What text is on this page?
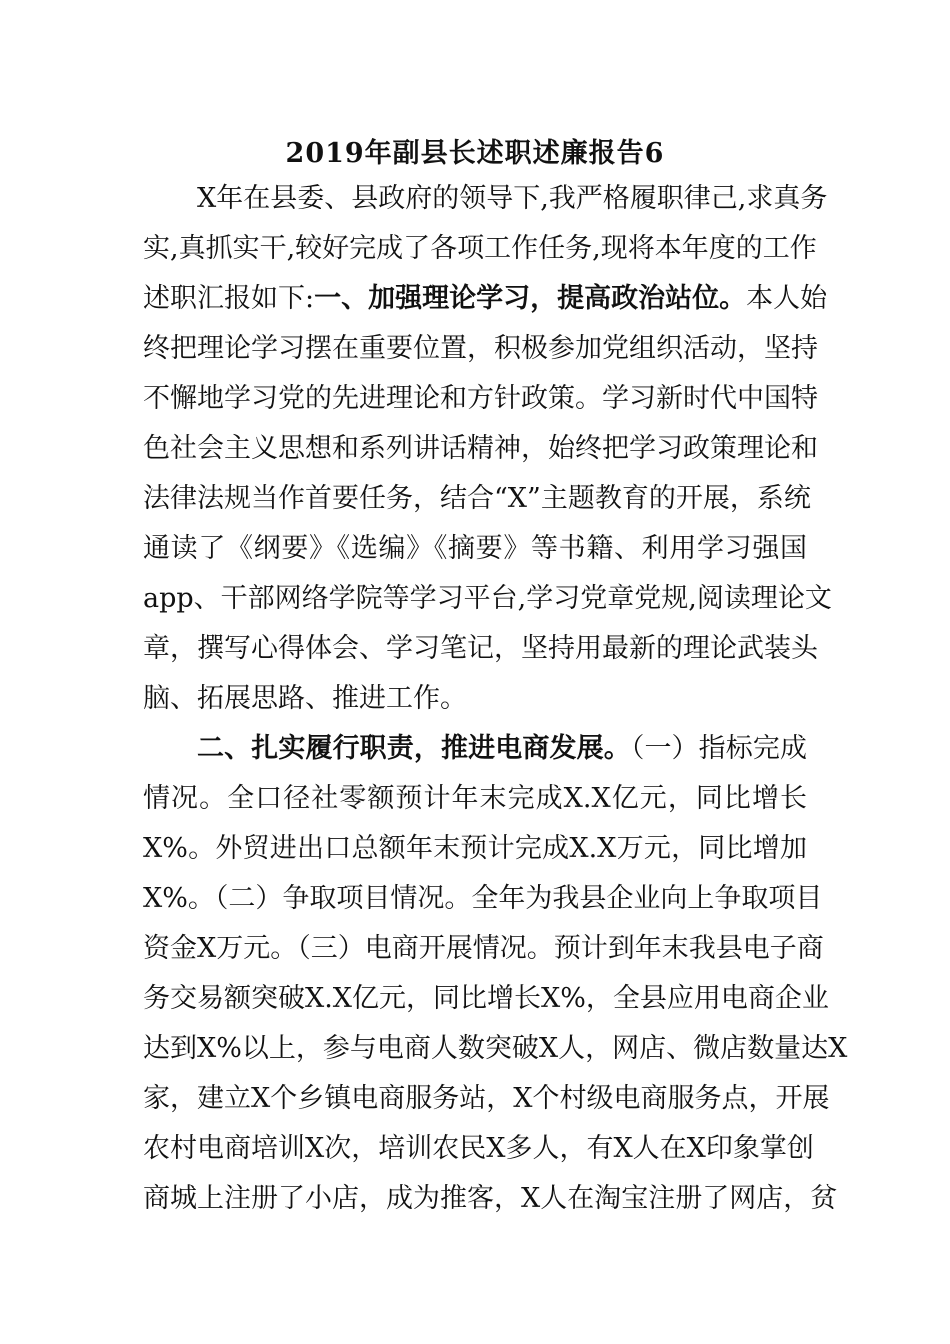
2019年副县长述职述廉报告6
X年在县委、县政府的领导下,我严格履职律己,求真务
实,真抓实干,较好完成了各项工作任务,现将本年度的工作
述职汇报如下:一、加强理论学习，提高政治站位。本人始
终把理论学习摆在重要位置，积极参加党组织活动，坚持
不懈地学习党的先进理论和方针政策。学习新时代中国特
色社会主义思想和系列讲话精神，始终把学习政策理论和
法律法规当作首要任务，结合“X”主题教育的开展，系统
通读了《纲要》《选编》《摘要》等书籍、利用学习强国
app、干部网络学院等学习平台,学习党章党规,阅读理论文
章，撰写心得体会、学习笔记，坚持用最新的理论武装头
脑、拓展思路、推进工作。
二、扎实履行职责，推进电商发展。（一）指标完成
情况。全口径社零额预计年末完成X.X亿元，同比增长
X%。外贸进出口总额年末预计完成X.X万元，同比增加
X%。（二）争取项目情况。全年为我县企业向上争取项目
资金X万元。（三）电商开展情况。预计到年末我县电子商
务交易额突破X.X亿元，同比增长X%，全县应用电商企业
达到X%以上，参与电商人数突破X人，网店、微店数量达X
家，建立X个乡镇电商服务站，X个村级电商服务点，开展
农村电商培训X次，培训农民X多人，有X人在X印象掌创
商城上注册了小店，成为推客，X人在淘宝注册了网店，贫
